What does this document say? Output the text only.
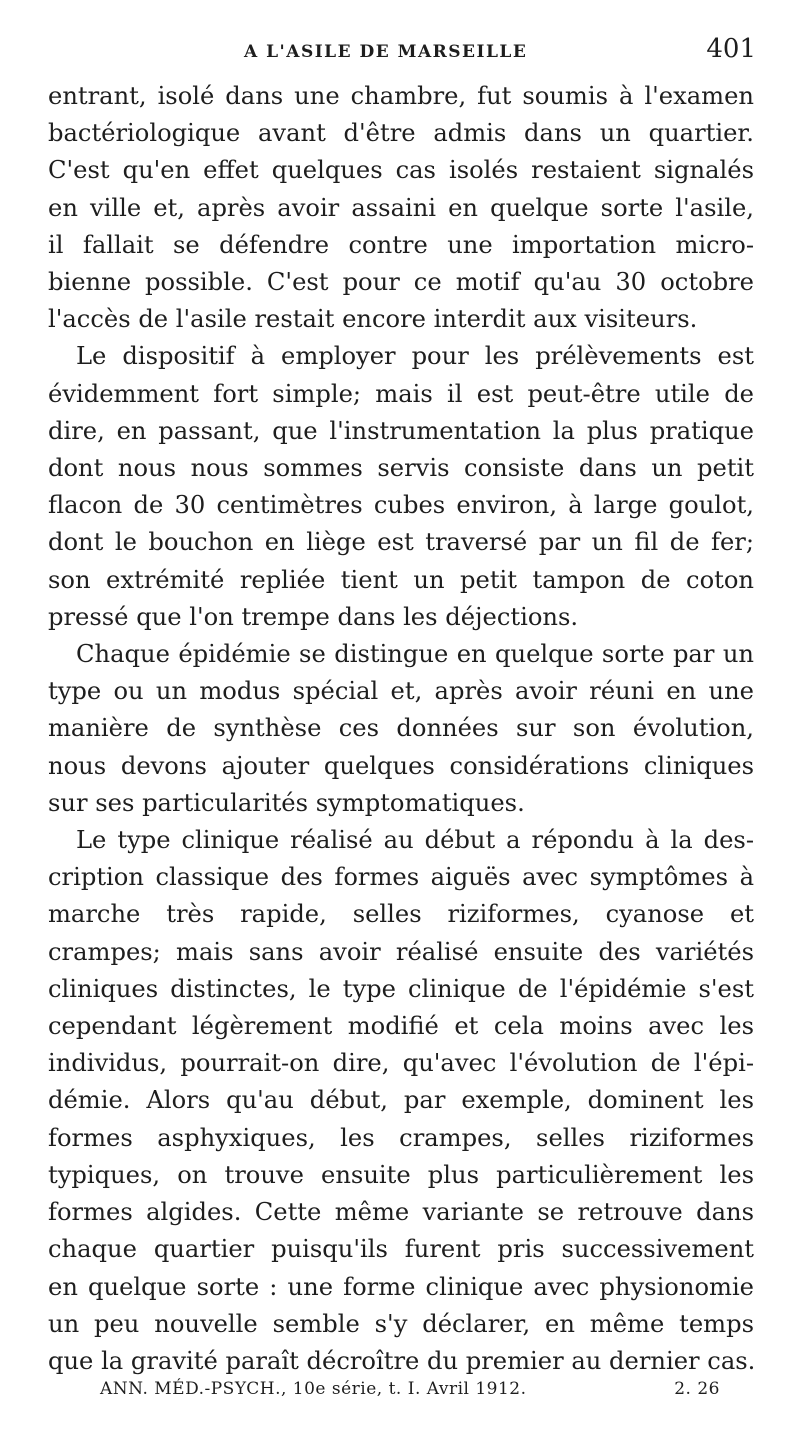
A L'ASILE DE MARSEILLE	401
entrant, isolé dans une chambre, fut soumis à l'examen
bactériologique avant d'être admis dans un quartier.
C'est qu'en effet quelques cas isolés restaient signalés
en ville et, après avoir assaini en quelque sorte l'asile,
il fallait se défendre contre une importation micro-
bienne possible. C'est pour ce motif qu'au 30 octobre
l'accès de l'asile restait encore interdit aux visiteurs.
Le dispositif à employer pour les prélèvements est
évidemment fort simple; mais il est peut-être utile de
dire, en passant, que l'instrumentation la plus pratique
dont nous nous sommes servis consiste dans un petit
flacon de 30 centimètres cubes environ, à large goulot,
dont le bouchon en liège est traversé par un fil de fer;
son extrémité repliée tient un petit tampon de coton
pressé que l'on trempe dans les déjections.
Chaque épidémie se distingue en quelque sorte par un
type ou un modus spécial et, après avoir réuni en une
manière de synthèse ces données sur son évolution,
nous devons ajouter quelques considérations cliniques
sur ses particularités symptomatiques.
Le type clinique réalisé au début a répondu à la des-
cription classique des formes aiguës avec symptômes à
marche très rapide, selles riziformes, cyanose et
crampes; mais sans avoir réalisé ensuite des variétés
cliniques distinctes, le type clinique de l'épidémie s'est
cependant légèrement modifié et cela moins avec les
individus, pourrait-on dire, qu'avec l'évolution de l'épi-
démie. Alors qu'au début, par exemple, dominent les
formes asphyxiques, les crampes, selles riziformes
typiques, on trouve ensuite plus particulièrement les
formes algides. Cette même variante se retrouve dans
chaque quartier puisqu'ils furent pris successivement
en quelque sorte : une forme clinique avec physionomie
un peu nouvelle semble s'y déclarer, en même temps
que la gravité paraît décroître du premier au dernier cas.
ANN. MÉD.-PSYCH., 10e série, t. I. Avril 1912.	2. 26
